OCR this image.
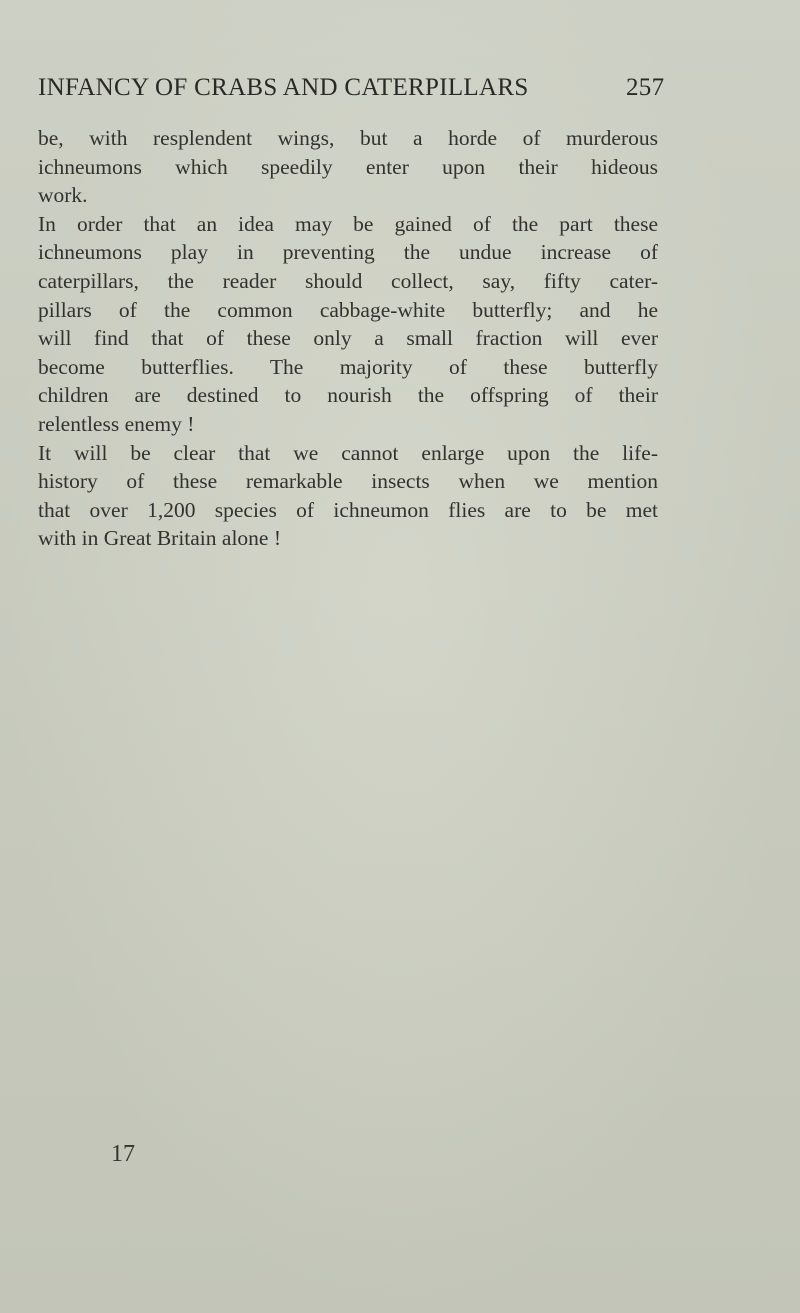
INFANCY OF CRABS AND CATERPILLARS	257
be, with resplendent wings, but a horde of murderous
ichneumons which speedily enter upon their hideous
work.
In order that an idea may be gained of the part these
ichneumons play in preventing the undue increase of
caterpillars, the reader should collect, say, fifty cater-
pillars of the common cabbage-white butterfly; and he
will find that of these only a small fraction will ever
become butterflies. The majority of these butterfly
children are destined to nourish the offspring of their
relentless enemy !
It will be clear that we cannot enlarge upon the life-
history of these remarkable insects when we mention
that over 1,200 species of ichneumon flies are to be met
with in Great Britain alone !
17
